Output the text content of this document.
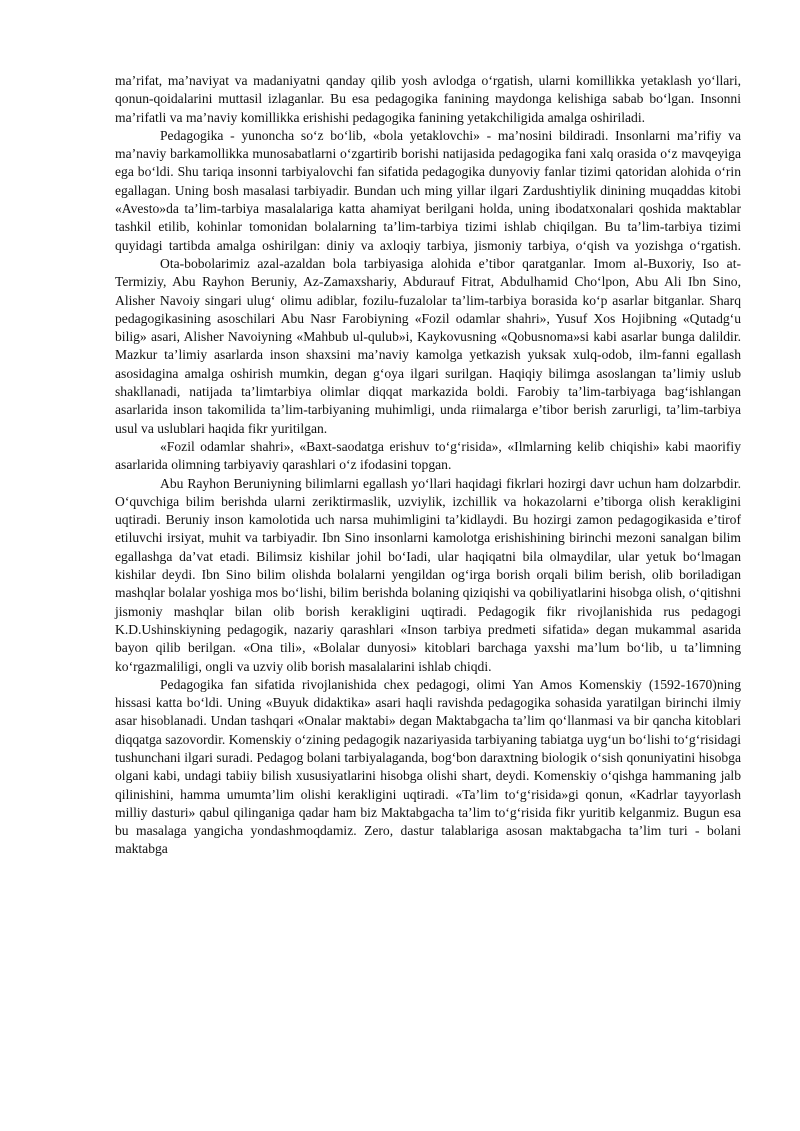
ma’rifat, ma’naviyat va madaniyatni qanday qilib yosh avlodga o‘rgatish, ularni komillikka yetaklash yo‘llari, qonun-qoidalarini muttasil izlaganlar. Bu esa pedagogika fanining maydonga kelishiga sabab bo‘lgan. Insonni ma’rifatli va ma’naviy komillikka erishishi pedagogika fanining yetakchiligida amalga oshiriladi.

Pedagogika - yunoncha so‘z bo‘lib, «bola yetaklovchi» - ma’nosini bildiradi. Insonlarni ma’rifiy va ma’naviy barkamollikka munosabatlarni o‘zgartirib borishi natijasida pedagogika fani xalq orasida o‘z mavqeyiga ega bo‘ldi. Shu tariqa insonni tarbiyalovchi fan sifatida pedagogika dunyoviy fanlar tizimi qatoridan alohida o‘rin egallagan. Uning bosh masalasi tarbiyadir. Bundan uch ming yillar ilgari Zardushtiylik dinining muqaddas kitobi «Avesto»da ta’lim-tarbiya masalalariga katta ahamiyat berilgani holda, uning ibodatxonalari qoshida maktablar tashkil etilib, kohinlar tomonidan bolalarning ta’lim-tarbiya tizimi ishlab chiqilgan. Bu ta’lim-tarbiya tizimi quyidagi tartibda amalga oshirilgan: diniy va axloqiy tarbiya, jismoniy tarbiya, o‘qish va yozishga o‘rgatish.

Ota-bobolarimiz azal-azaldan bola tarbiyasiga alohida e’tibor qaratganlar. Imom al-Buxoriy, Iso at-Termiziy, Abu Rayhon Beruniy, Az-Zamaxshariy, Abdurauf Fitrat, Abdulhamid Cho‘lpon, Abu Ali Ibn Sino, Alisher Navoiy singari ulug‘ olimu adiblar, fozilu-fuzalolar ta’lim-tarbiya borasida ko‘p asarlar bitganlar. Sharq pedagogikasining asoschilari Abu Nasr Farobiyning «Fozil odamlar shahri», Yusuf Xos Hojibning «Qutadg‘u bilig» asari, Alisher Navoiyning «Mahbub ul-qulub»i, Kaykovusning «Qobusnoma»si kabi asarlar bunga dalildir. Mazkur ta’limiy asarlarda inson shaxsini ma’naviy kamolga yetkazish yuksak xulq-odob, ilm-fanni egallash asosidagina amalga oshirish mumkin, degan g‘oya ilgari surilgan. Haqiqiy bilimga asoslangan ta’limiy uslub shakllanadi, natijada ta’limtarbiya olimlar diqqat markazida boldi. Farobiy ta’lim-tarbiyaga bag‘ishlangan asarlarida inson takomilida ta’lim-tarbiyaning muhimligi, unda riimalarga e’tibor berish zarurligi, ta’lim-tarbiya usul va uslublari haqida fikr yuritilgan.

«Fozil odamlar shahri», «Baxt-saodatga erishuv to‘g‘risida», «Ilmlarning kelib chiqishi» kabi maorifiy asarlarida olimning tarbiyaviy qarashlari o‘z ifodasini topgan.

Abu Rayhon Beruniyning bilimlarni egallash yo‘llari haqidagi fikrlari hozirgi davr uchun ham dolzarbdir. O‘quvchiga bilim berishda ularni zeriktirmaslik, uzviylik, izchillik va hokazolarni e’tiborga olish kerakligini uqtiradi. Beruniy inson kamolotida uch narsa muhimligini ta’kidlaydi. Bu hozirgi zamon pedagogikasida e’tirof etiluvchi irsiyat, muhit va tarbiyadir. Ibn Sino insonlarni kamolotga erishishining birinchi mezoni sanalgan bilim egallashga da’vat etadi. Bilimsiz kishilar johil bo‘Iadi, ular haqiqatni bila olmaydilar, ular yetuk bo‘lmagan kishilar deydi. Ibn Sino bilim olishda bolalarni yengildan og‘irga borish orqali bilim berish, olib boriladigan mashqlar bolalar yoshiga mos bo‘lishi, bilim berishda bolaning qiziqishi va qobiliyatlarini hisobga olish, o‘qitishni jismoniy mashqlar bilan olib borish kerakligini uqtiradi. Pedagogik fikr rivojlanishida rus pedagogi K.D.Ushinskiyning pedagogik, nazariy qarashlari «Inson tarbiya predmeti sifatida» degan mukammal asarida bayon qilib berilgan. «Ona tili», «Bolalar dunyosi» kitoblari barchaga yaxshi ma’lum bo‘lib, u ta’limning ko‘rgazmaliligi, ongli va uzviy olib borish masalalarini ishlab chiqdi.

Pedagogika fan sifatida rivojlanishida chex pedagogi, olimi Yan Amos Komenskiy (1592-1670)ning hissasi katta bo‘ldi. Uning «Buyuk didaktika» asari haqli ravishda pedagogika sohasida yaratilgan birinchi ilmiy asar hisoblanadi. Undan tashqari «Onalar maktabi» degan Maktabgacha ta’lim qo‘llanmasi va bir qancha kitoblari diqqatga sazovordir. Komenskiy o‘zining pedagogik nazariyasida tarbiyaning tabiatga uyg‘un bo‘lishi to‘g‘risidagi tushunchani ilgari suradi. Pedagog bolani tarbiyalaganda, bog‘bon daraxtning biologik o‘sish qonuniyatini hisobga olgani kabi, undagi tabiiy bilish xususiyatlarini hisobga olishi shart, deydi. Komenskiy o‘qishga hammaning jalb qilinishini, hamma umumta’lim olishi kerakligini uqtiradi. «Ta’lim to‘g‘risida»gi qonun, «Kadrlar tayyorlash milliy dasturi» qabul qilinganiga qadar ham biz Maktabgacha ta’lim to‘g‘risida fikr yuritib kelganmiz. Bugun esa bu masalaga yangicha yondashmoqdamiz. Zero, dastur talablariga asosan maktabgacha ta’lim turi - bolani maktabga
